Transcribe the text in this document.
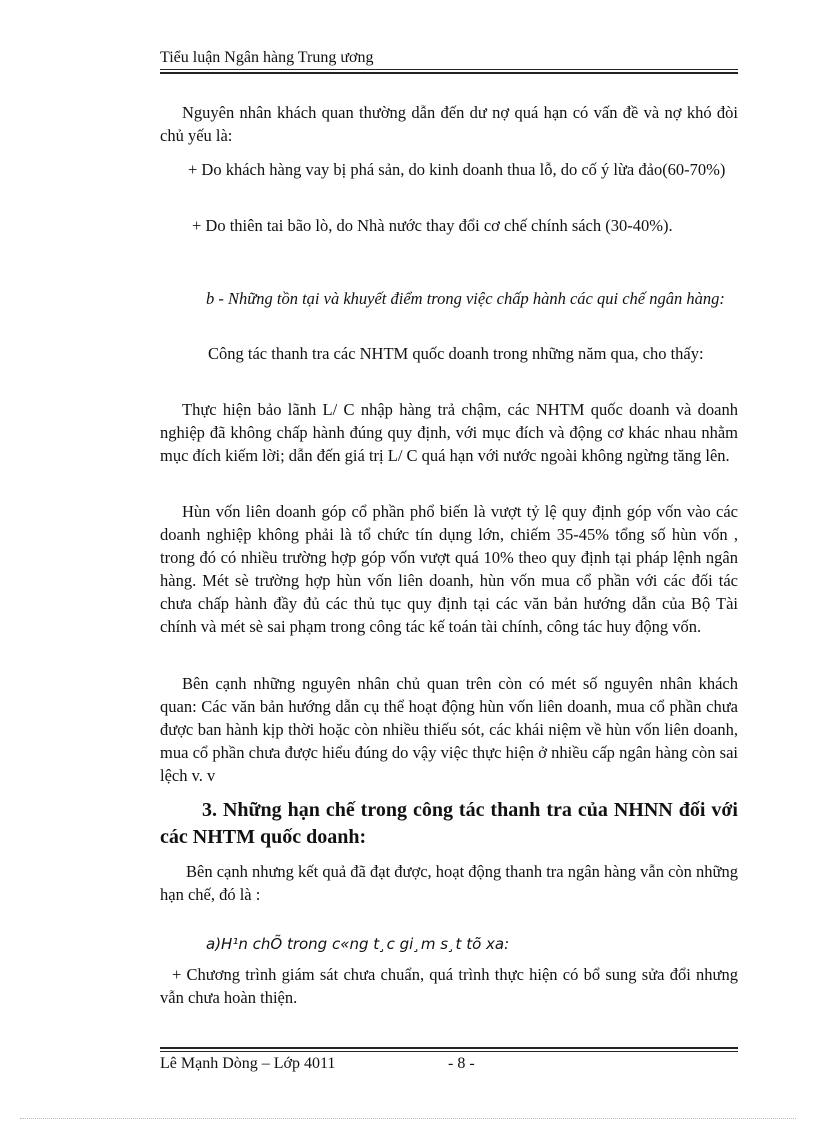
Tiểu luận Ngân hàng Trung ương
Nguyên nhân khách quan thường dẫn đến dư nợ quá hạn có vấn đề và nợ khó đòi chủ yếu là:
+ Do khách hàng vay bị phá sản, do kinh doanh thua lỗ, do cố ý lừa đảo(60-70%)
+ Do thiên tai bão lò, do Nhà nước thay đổi cơ chế chính sách (30-40%).
b - Những tồn tại và khuyết điểm trong việc chấp hành các qui chế ngân hàng:
Công tác thanh tra các NHTM quốc doanh trong những năm qua, cho thấy:
Thực hiện bảo lãnh L/ C nhập hàng trả chậm, các NHTM quốc doanh và doanh nghiệp đã không chấp hành đúng quy định, với mục đích và động cơ khác nhau nhằm mục đích kiếm lời; dẫn đến giá trị L/ C quá hạn với nước ngoài không ngừng tăng lên.
Hùn vốn liên doanh góp cổ phần phổ biến là vượt tỷ lệ quy định góp vốn vào các doanh nghiệp không phải là tổ chức tín dụng lớn, chiếm 35-45% tổng số hùn vốn , trong đó có nhiều trường hợp góp vốn vượt quá 10% theo quy định tại pháp lệnh ngân hàng. Mét sè trường hợp hùn vốn liên doanh, hùn vốn mua cổ phần với các đối tác chưa chấp hành đầy đủ các thủ tục quy định tại các văn bản hướng dẫn của Bộ Tài chính và mét sè sai phạm trong công tác kế toán tài chính, công tác huy động vốn.
Bên cạnh những nguyên nhân chủ quan trên còn có mét số nguyên nhân khách quan: Các văn bản hướng dẫn cụ thể hoạt động hùn vốn liên doanh, mua cổ phần chưa được ban hành kịp thời hoặc còn nhiều thiếu sót, các khái niệm về hùn vốn liên doanh, mua cổ phần chưa được hiểu đúng do vậy việc thực hiện ở nhiều cấp ngân hàng còn sai lệch v. v
3. Những hạn chế trong công tác thanh tra của NHNN đối với các NHTM quốc doanh:
Bên cạnh nhưng kết quả đã đạt được, hoạt động thanh tra ngân hàng vẫn còn những hạn chế, đó là :
a)H¹n chÕ trong c«ng t¸c gi¸m s¸t tõ xa:
+ Chương trình giám sát chưa chuẩn, quá trình thực hiện có bổ sung sửa đổi nhưng vẫn chưa hoàn thiện.
Lê Mạnh Dòng – Lớp 4011	- 8 -
